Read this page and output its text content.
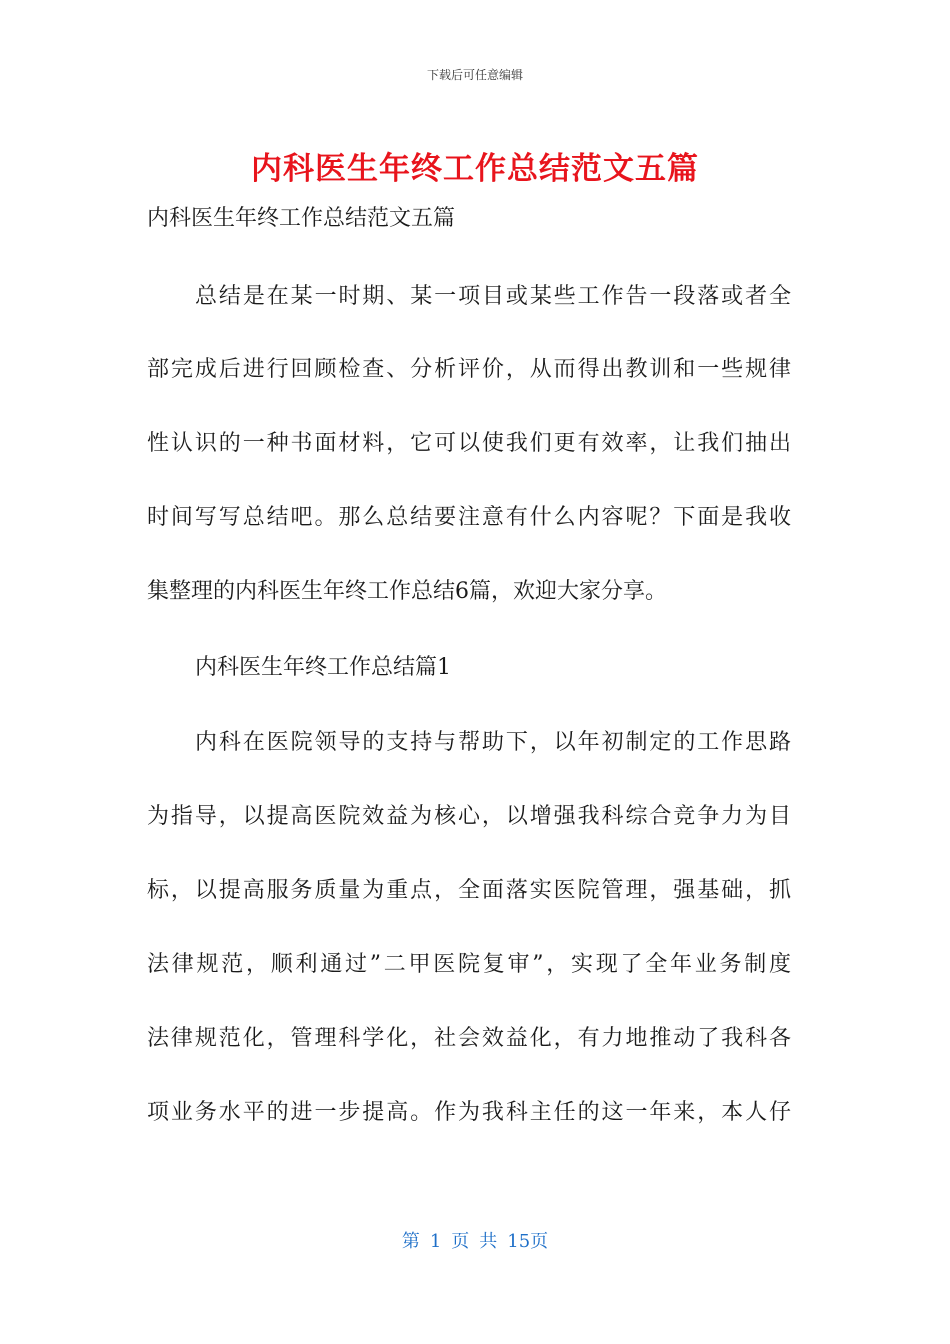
下载后可任意编辑
内科医生年终工作总结范文五篇
内科医生年终工作总结范文五篇
总结是在某一时期、某一项目或某些工作告一段落或者全
部完成后进行回顾检查、分析评价，从而得出教训和一些规律
性认识的一种书面材料，它可以使我们更有效率，让我们抽出
时间写写总结吧。那么总结要注意有什么内容呢？下面是我收
集整理的内科医生年终工作总结6篇，欢迎大家分享。
内科医生年终工作总结篇1
内科在医院领导的支持与帮助下，以年初制定的工作思路
为指导，以提高医院效益为核心，以增强我科综合竞争力为目
标，以提高服务质量为重点，全面落实医院管理，强基础，抓
法律规范，顺利通过”二甲医院复审”，实现了全年业务制度
法律规范化，管理科学化，社会效益化，有力地推动了我科各
项业务水平的进一步提高。作为我科主任的这一年来，本人仔
第 1 页 共 15页
